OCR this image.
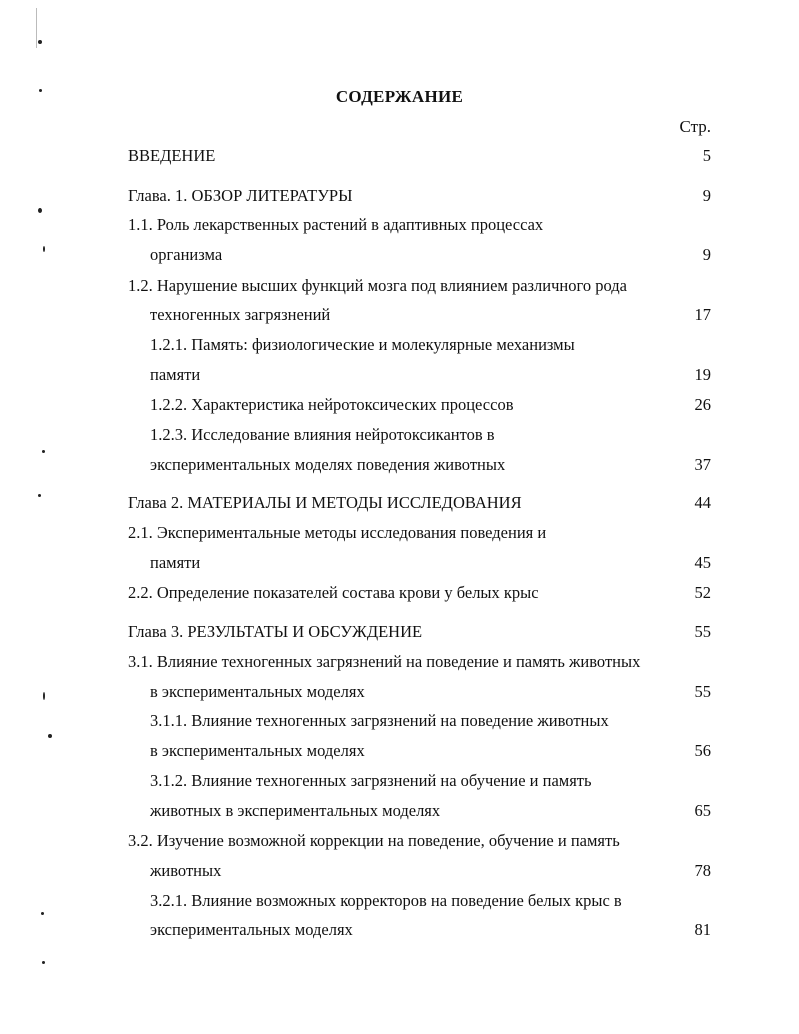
СОДЕРЖАНИЕ
Стр.
ВВЕДЕНИЕ	5
Глава. 1. ОБЗОР ЛИТЕРАТУРЫ	9
1.1. Роль лекарственных растений в адаптивных процессах
организма	9
1.2. Нарушение высших функций мозга под влиянием различного рода
техногенных загрязнений	17
1.2.1. Память: физиологические и молекулярные механизмы
памяти	19
1.2.2. Характеристика нейротоксических процессов	26
1.2.3. Исследование влияния нейротоксикантов в
экспериментальных моделях поведения животных	37
Глава 2. МАТЕРИАЛЫ И МЕТОДЫ ИССЛЕДОВАНИЯ	44
2.1. Экспериментальные методы исследования поведения и
памяти	45
2.2. Определение показателей состава крови у белых крыс	52
Глава 3. РЕЗУЛЬТАТЫ И ОБСУЖДЕНИЕ	55
3.1. Влияние техногенных загрязнений на поведение и память животных
в экспериментальных моделях	55
3.1.1. Влияние техногенных загрязнений на поведение животных
в экспериментальных моделях	56
3.1.2. Влияние техногенных загрязнений на обучение и память
животных в экспериментальных моделях	65
3.2. Изучение возможной коррекции на поведение, обучение и память
животных	78
3.2.1. Влияние возможных корректоров на поведение белых крыс в
экспериментальных моделях	81
